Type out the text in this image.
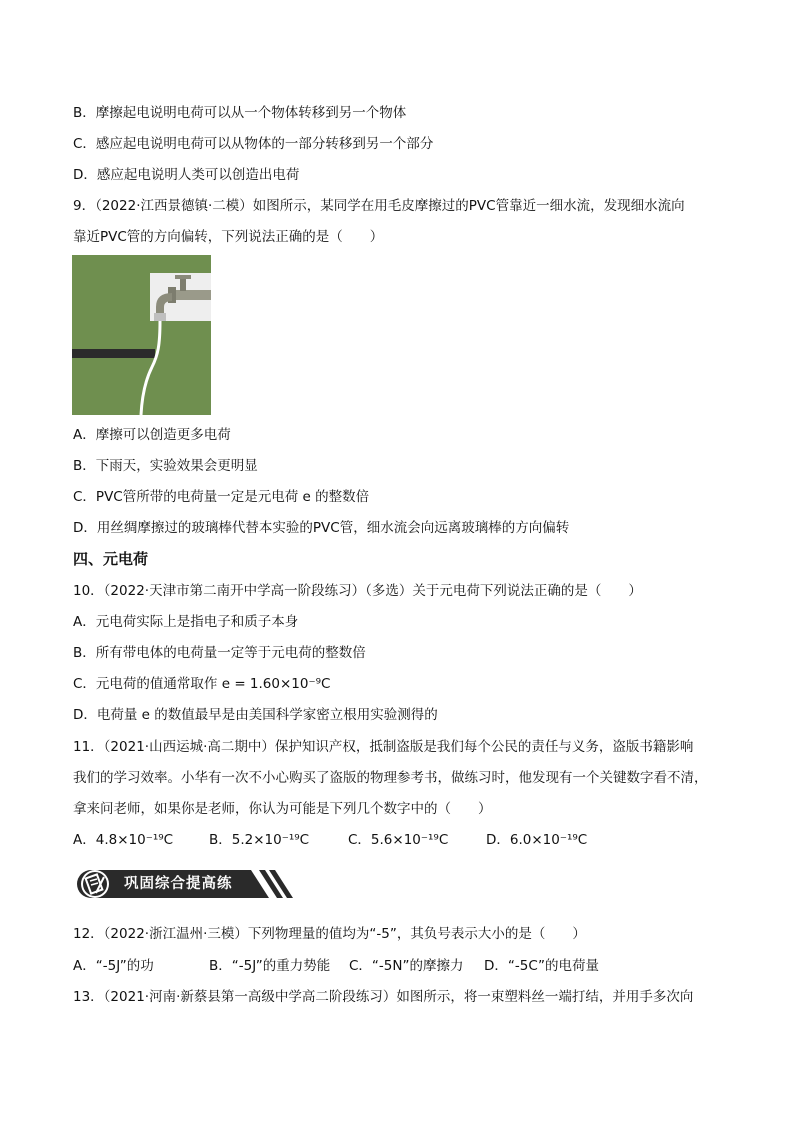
B．摩擦起电说明电荷可以从一个物体转移到另一个物体
C．感应起电说明电荷可以从物体的一部分转移到另一个部分
D．感应起电说明人类可以创造出电荷
9．（2022·江西景德镇·二模）如图所示，某同学在用毛皮摩擦过的PVC管靠近一细水流，发现细水流向
靠近PVC管的方向偏转，下列说法正确的是（　　）
A．摩擦可以创造更多电荷
B．下雨天，实验效果会更明显
C．PVC管所带的电荷量一定是元电荷 e 的整数倍
D．用丝绸摩擦过的玻璃棒代替本实验的PVC管，细水流会向远离玻璃棒的方向偏转
四、元电荷
10．（2022·天津市第二南开中学高一阶段练习）（多选）关于元电荷下列说法正确的是（　　）
A．元电荷实际上是指电子和质子本身
B．所有带电体的电荷量一定等于元电荷的整数倍
C．元电荷的值通常取作 e = 1.60×10⁻⁹C
D．电荷量 e 的数值最早是由美国科学家密立根用实验测得的
11．（2021·山西运城·高二期中）保护知识产权，抵制盗版是我们每个公民的责任与义务，盗版书籍影响
我们的学习效率。小华有一次不小心购买了盗版的物理参考书，做练习时，他发现有一个关键数字看不清，
拿来问老师，如果你是老师，你认为可能是下列几个数字中的（　　）
A．4.8×10⁻¹⁹C	B．5.2×10⁻¹⁹C	C．5.6×10⁻¹⁹C	D．6.0×10⁻¹⁹C
巩固综合提高练
12．（2022·浙江温州·三模）下列物理量的值均为“-5”，其负号表示大小的是（　　）
A．“-5J”的功	B．“-5J”的重力势能 C．“-5N”的摩擦力 D．“-5C”的电荷量
13．（2021·河南·新蔡县第一高级中学高二阶段练习）如图所示，将一束塑料丝一端打结，并用手多次向
